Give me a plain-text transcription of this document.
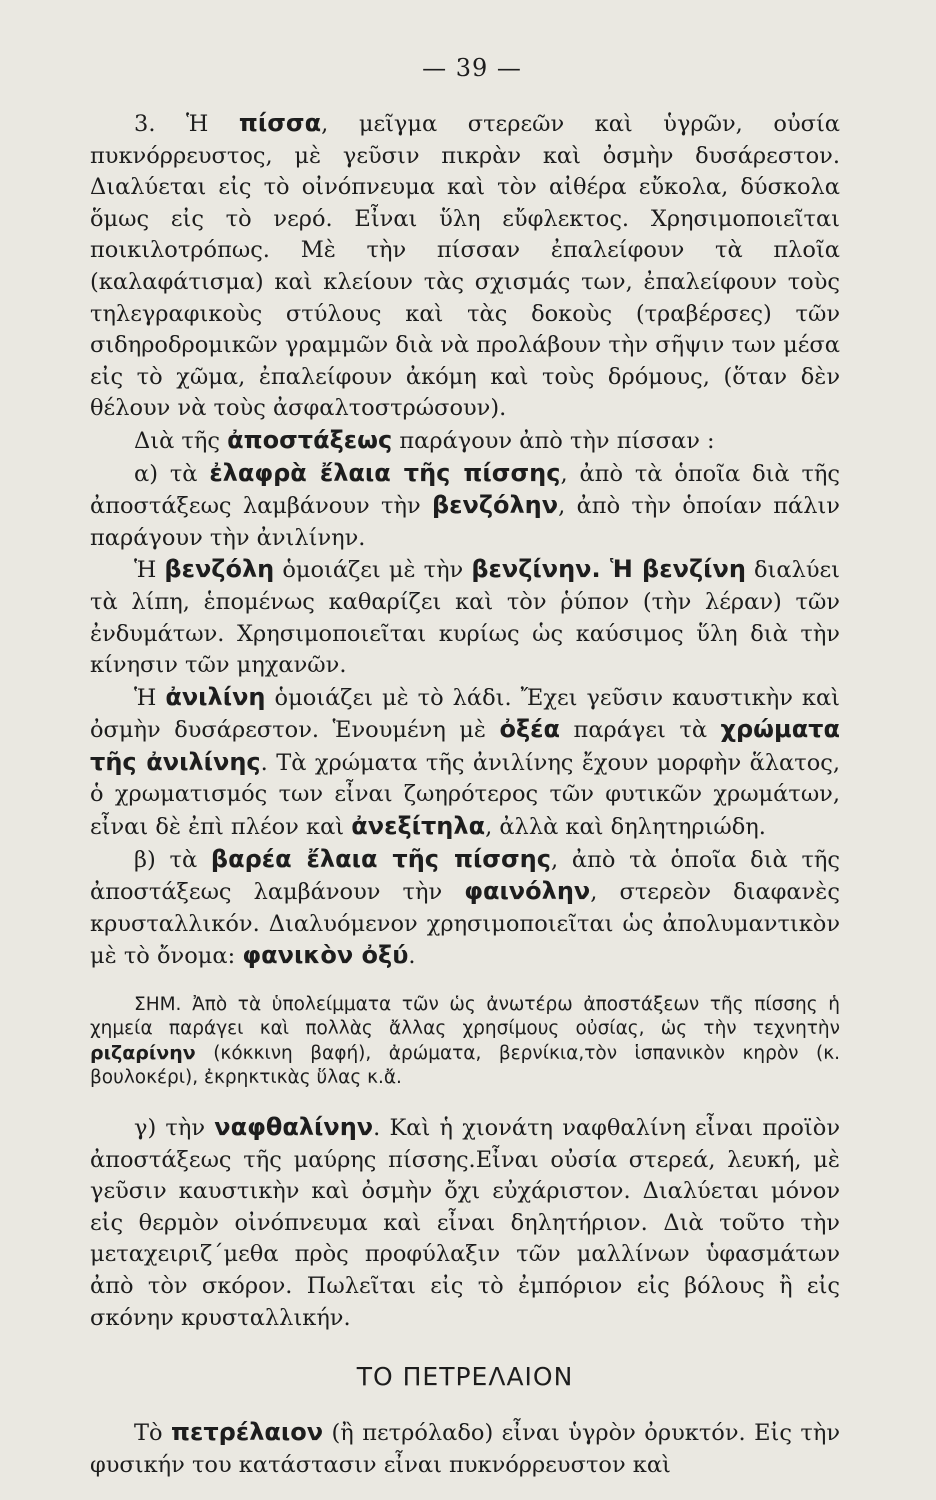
— 39 —

3. Ἡ πίσσα, μεῖγμα στερεῶν καὶ ὑγρῶν, οὐσία πυκνόρρευστος, μὲ γεῦσιν πικρὰν καὶ ὀσμὴν δυσάρεστον. Διαλύεται εἰς τὸ οἰνόπνευμα καὶ τὸν αἰθέρα εὔκολα, δύσκολα ὅμως εἰς τὸ νερό. Εἶναι ὕλη εὔφλεκτος. Χρησιμοποιεῖται ποικιλοτρόπως. Μὲ τὴν πίσσαν ἐπαλείφουν τὰ πλοῖα (καλαφάτισμα) καὶ κλείουν τὰς σχισμάς των, ἐπαλείφουν τοὺς τηλεγραφικοὺς στύλους καὶ τὰς δοκοὺς (τραβέρσες) τῶν σιδηροδρομικῶν γραμμῶν διὰ νὰ προλάβουν τὴν σῆψιν των μέσα εἰς τὸ χῶμα, ἐπαλείφουν ἀκόμη καὶ τοὺς δρόμους, (ὅταν δὲν θέλουν νὰ τοὺς ἀσφαλτοστρώσουν).

Διὰ τῆς ἀποστάξεως παράγουν ἀπὸ τὴν πίσσαν :

α) τὰ ἐλαφρὰ ἔλαια τῆς πίσσης, ἀπὸ τὰ ὁποῖα διὰ τῆς ἀποστάξεως λαμβάνουν τὴν βενζόλην, ἀπὸ τὴν ὁποίαν πάλιν παράγουν τὴν ἀνιλίνην.

Ἡ βενζόλη ὁμοιάζει μὲ τὴν βενζίνην. Ἡ βενζίνη διαλύει τὰ λίπη, ἑπομένως καθαρίζει καὶ τὸν ῥύπον (τὴν λέραν) τῶν ἐνδυμάτων. Χρησιμοποιεῖται κυρίως ὡς καύσιμος ὕλη διὰ τὴν κίνησιν τῶν μηχανῶν.

Ἡ ἀνιλίνη ὁμοιάζει μὲ τὸ λάδι. Ἔχει γεῦσιν καυστικὴν καὶ ὀσμὴν δυσάρεστον. Ἑνουμένη μὲ ὀξέα παράγει τὰ χρώματα τῆς ἀνιλίνης. Τὰ χρώματα τῆς ἀνιλίνης ἔχουν μορφὴν ἅλατος, ὁ χρωματισμός των εἶναι ζωηρότερος τῶν φυτικῶν χρωμάτων, εἶναι δὲ ἐπὶ πλέον καὶ ἀνεξίτηλα, ἀλλὰ καὶ δηλητηριώδη.

β) τὰ βαρέα ἔλαια τῆς πίσσης, ἀπὸ τὰ ὁποῖα διὰ τῆς ἀποστάξεως λαμβάνουν τὴν φαινόλην, στερεὸν διαφανὲς κρυσταλλικόν. Διαλυόμενον χρησιμοποιεῖται ὡς ἀπολυμαντικὸν μὲ τὸ ὄνομα: φανικὸν ὀξύ.

ΣΗΜ. Ἀπὸ τὰ ὑπολείμματα τῶν ὡς ἀνωτέρω ἀποστάξεων τῆς πίσσης ἡ χημεία παράγει καὶ πολλὰς ἄλλας χρησίμους οὐσίας, ὡς τὴν τεχνητὴν ριζαρίνην (κόκκινη βαφή), ἀρώματα, βερνίκια,τὸν ἱσπανικὸν κηρὸν (κ. βουλοκέρι), ἐκρηκτικὰς ὕλας κ.ἄ.

γ) τὴν ναφθαλίνην. Καὶ ἡ χιονάτη ναφθαλίνη εἶναι προϊὸν ἀποστάξεως τῆς μαύρης πίσσης.Εἶναι οὐσία στερεά, λευκή, μὲ γεῦσιν καυστικὴν καὶ ὀσμὴν ὄχι εὐχάριστον. Διαλύεται μόνον εἰς θερμὸν οἰνόπνευμα καὶ εἶναι δηλητήριον. Διὰ τοῦτο τὴν μεταχειριζ΄μεθα πρὸς προφύλαξιν τῶν μαλλίνων ὑφασμάτων ἀπὸ τὸν σκόρον. Πωλεῖται εἰς τὸ ἐμπόριον εἰς βόλους ἢ εἰς σκόνην κρυσταλλικήν.

ΤΟ ΠΕΤΡΕΛΑΙΟΝ

Τὸ πετρέλαιον (ἢ πετρόλαδο) εἶναι ὑγρὸν ὀρυκτόν. Εἰς τὴν φυσικήν του κατάστασιν εἶναι πυκνόρρευστον καὶ
